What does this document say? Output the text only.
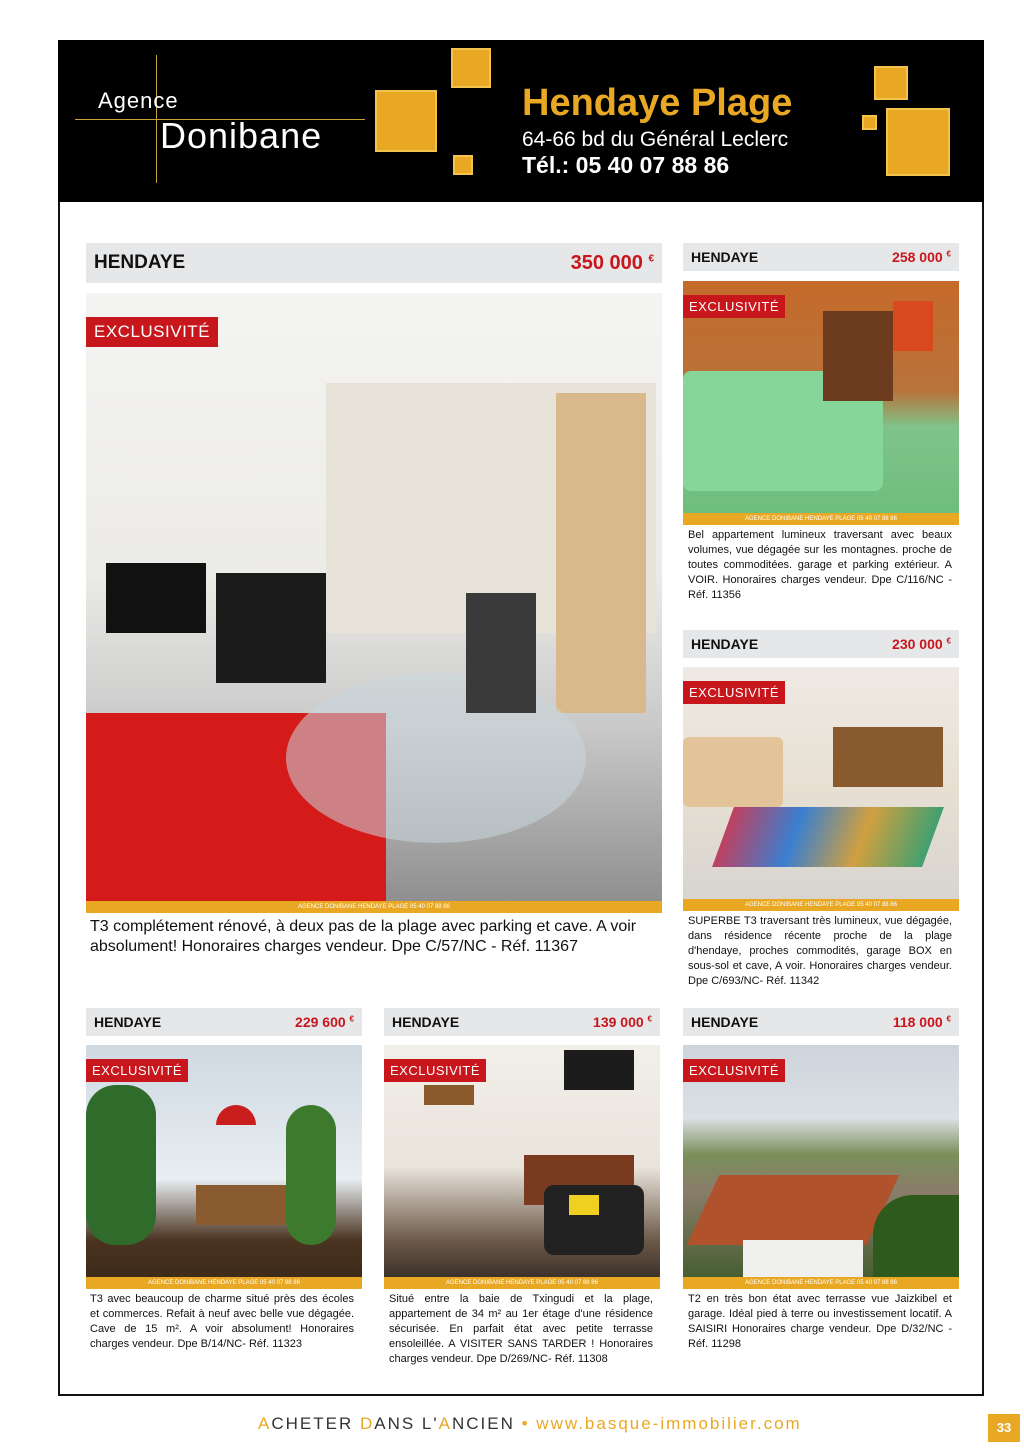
Agence
Donibane
Hendaye Plage
64-66 bd du Général Leclerc
Tél.: 05 40 07 88 86
HENDAYE	350 000 €
EXCLUSIVITÉ
AGENCE DONIBANE HENDAYE PLAGE 05 40 07 88 86
T3 complétement rénové, à deux pas de la plage avec parking et cave. A voir absolument! Honoraires charges vendeur. Dpe C/57/NC - Réf. 11367
HENDAYE	258 000 €
EXCLUSIVITÉ
AGENCE DONIBANE HENDAYE PLAGE 05 40 07 88 86
Bel appartement lumineux traversant avec beaux volumes, vue dégagée sur les montagnes. proche de toutes commoditées. garage et parking extérieur. A VOIR. Honoraires charges vendeur. Dpe C/116/NC - Réf. 11356
HENDAYE	230 000 €
EXCLUSIVITÉ
AGENCE DONIBANE HENDAYE PLAGE 05 40 07 88 86
SUPERBE T3 traversant très lumineux, vue dégagée, dans résidence récente proche de la plage d'hendaye, proches commodités, garage BOX en sous-sol et cave, A voir. Honoraires charges vendeur. Dpe C/693/NC- Réf. 11342
HENDAYE	229 600 €
EXCLUSIVITÉ
AGENCE DONIBANE HENDAYE PLAGE 05 40 07 88 86
T3 avec beaucoup de charme situé près des écoles et commerces. Refait à neuf avec belle vue dégagée. Cave de 15 m². A voir absolument! Honoraires charges vendeur. Dpe B/14/NC- Réf. 11323
HENDAYE	139 000 €
EXCLUSIVITÉ
AGENCE DONIBANE HENDAYE PLAGE 05 40 07 88 86
Situé entre la baie de Txingudi et la plage, appartement de 34 m² au 1er étage d'une résidence sécurisée. En parfait état avec petite terrasse ensoleillée. A VISITER SANS TARDER ! Honoraires charges vendeur. Dpe D/269/NC- Réf. 11308
HENDAYE	118 000 €
EXCLUSIVITÉ
AGENCE DONIBANE HENDAYE PLAGE 05 40 07 88 86
T2 en très bon état avec terrasse vue Jaizkibel et garage. Idéal pied à terre ou investissement locatif. A SAISIRI Honoraires charge vendeur. Dpe D/32/NC - Réf. 11298
ACHETER DANS L'ANCIEN • www.basque-immobilier.com	33
